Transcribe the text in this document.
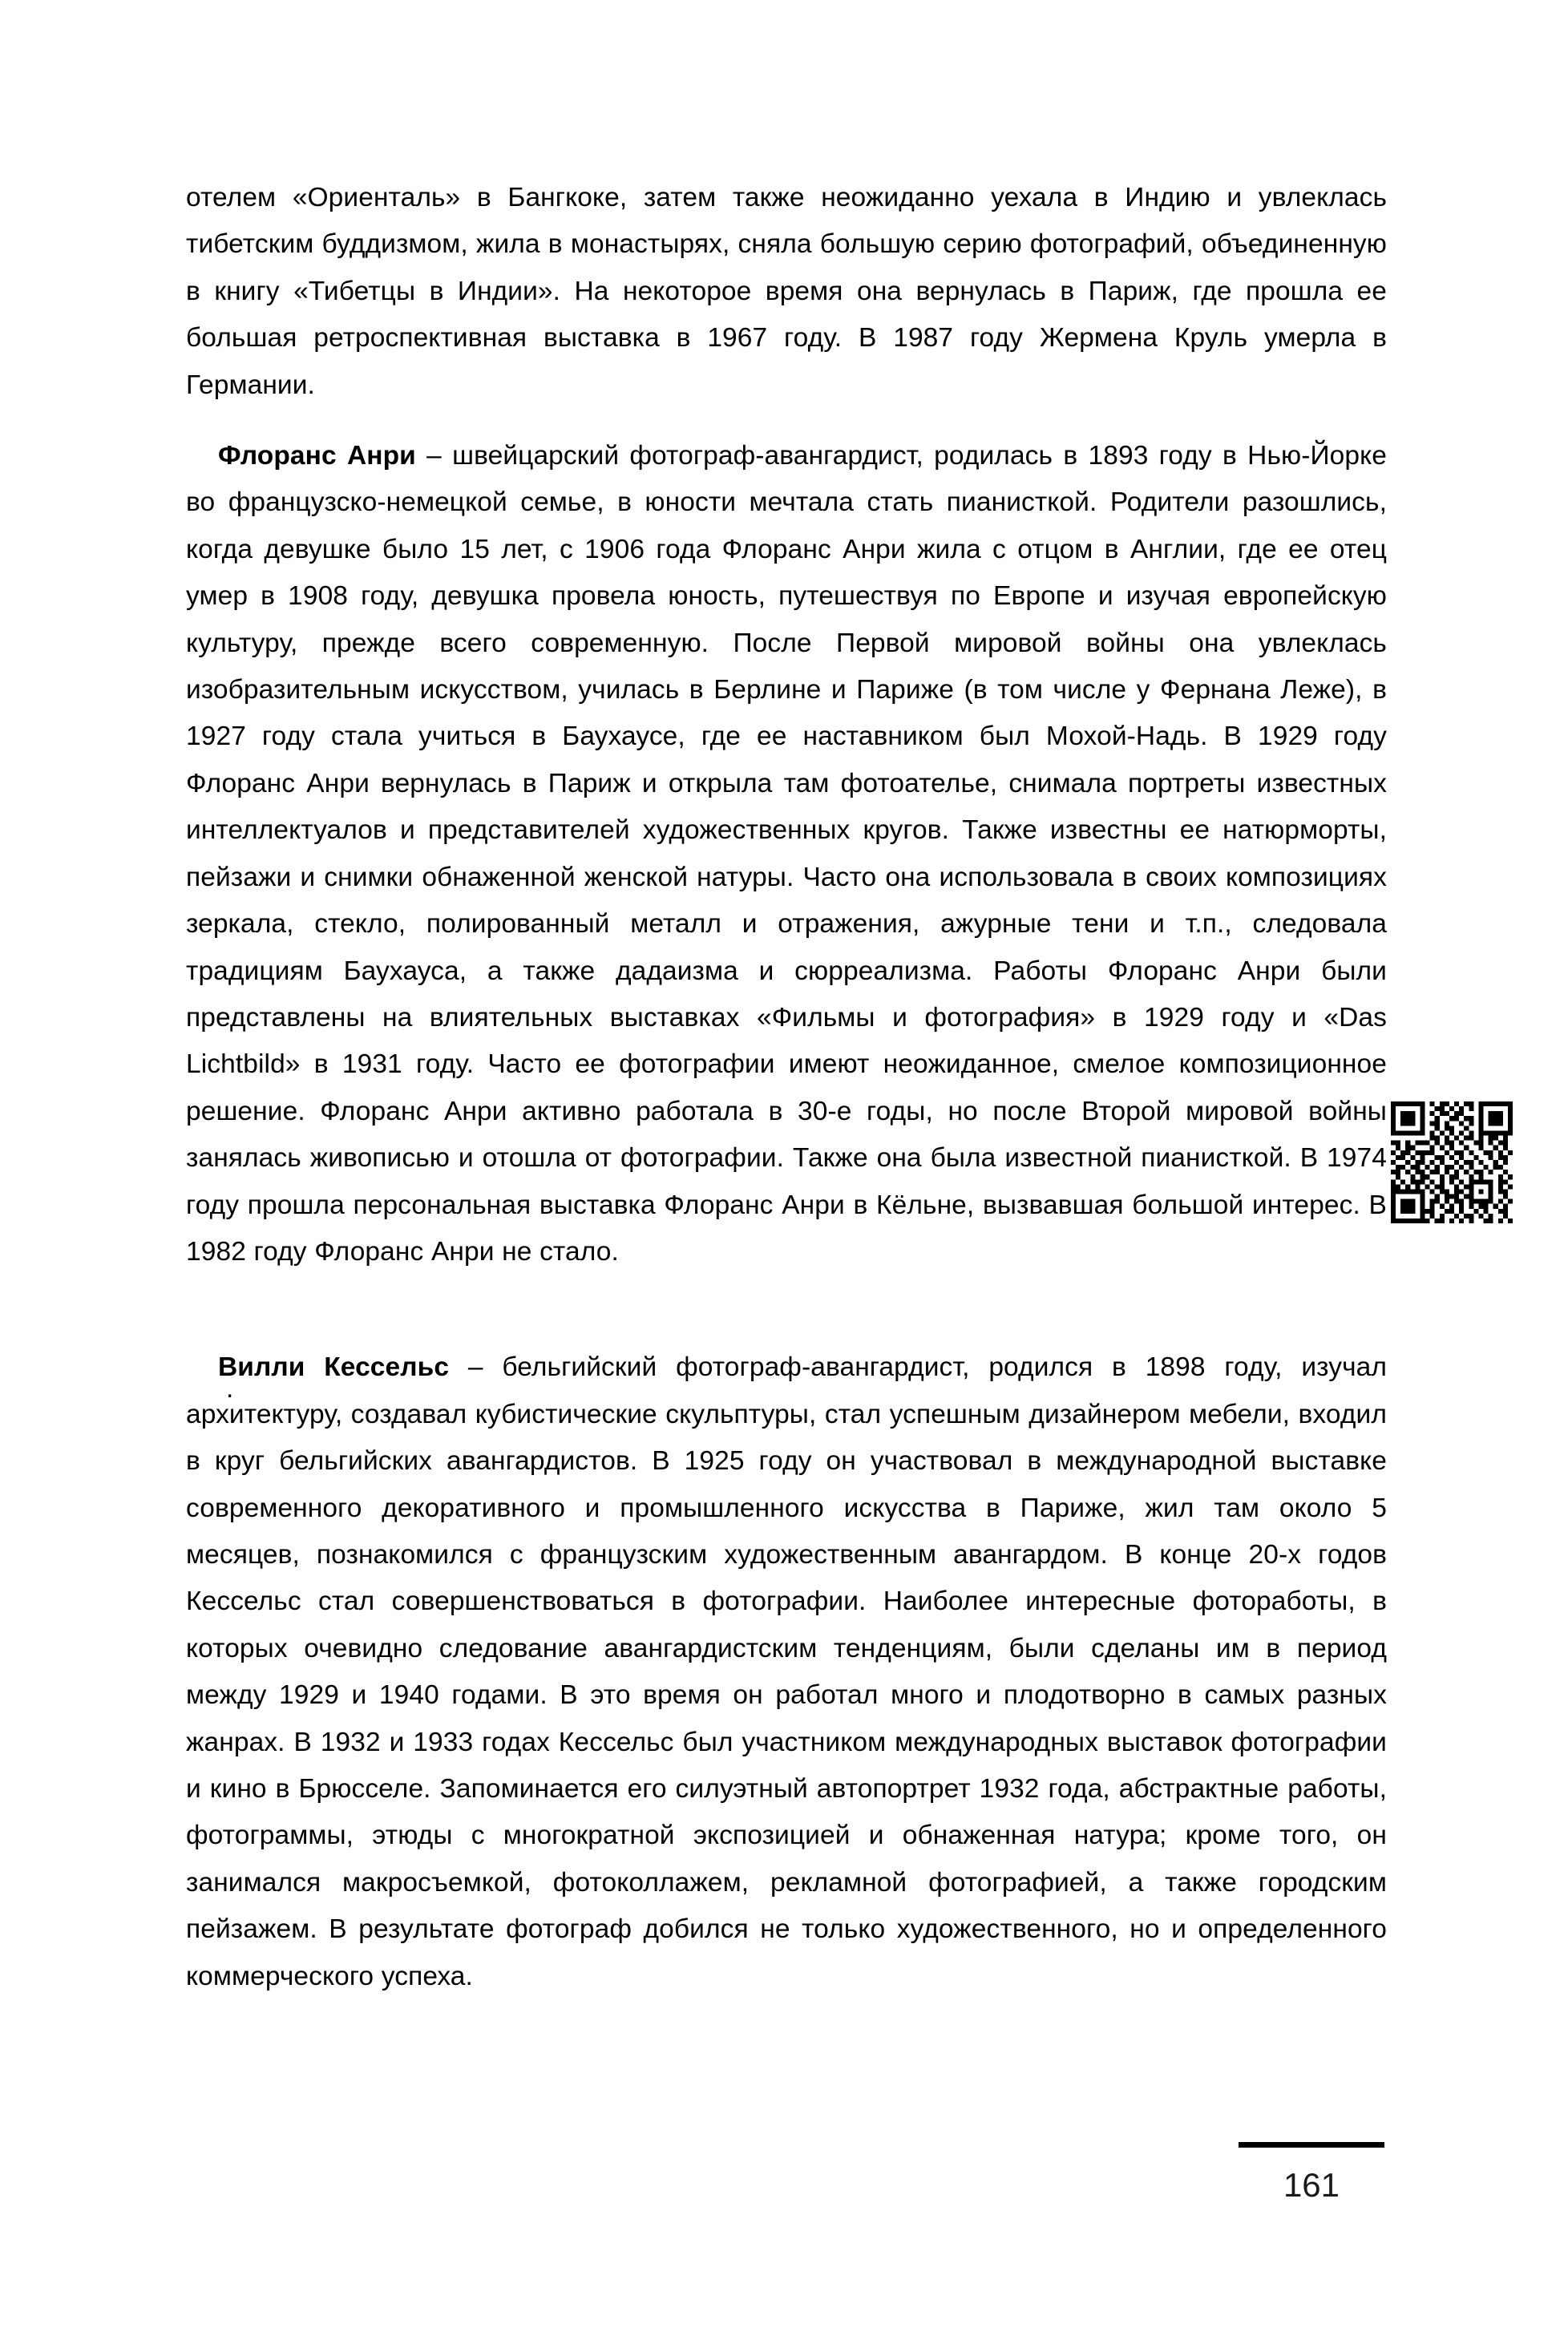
отелем «Ориенталь» в Бангкоке, затем также неожиданно уехала в Индию и увлеклась тибетским буддизмом, жила в монастырях, сняла большую серию фотографий, объединенную в книгу «Тибетцы в Индии». На некоторое время она вернулась в Париж, где прошла ее большая ретроспективная выставка в 1967 году. В 1987 году Жермена Круль умерла в Германии.

Флоранс Анри – швейцарский фотограф-авангардист, родилась в 1893 году в Нью-Йорке во французско-немецкой семье, в юности мечтала стать пианисткой. Родители разошлись, когда девушке было 15 лет, с 1906 года Флоранс Анри жила с отцом в Англии, где ее отец умер в 1908 году, девушка провела юность, путешествуя по Европе и изучая европейскую культуру, прежде всего современную. После Первой мировой войны она увлеклась изобразительным искусством, училась в Берлине и Париже (в том числе у Фернана Леже), в 1927 году стала учиться в Баухаусе, где ее наставником был Мохой-Надь. В 1929 году Флоранс Анри вернулась в Париж и открыла там фотоателье, снимала портреты известных интеллектуалов и представителей художественных кругов. Также известны ее натюрморты, пейзажи и снимки обнаженной женской натуры. Часто она использовала в своих композициях зеркала, стекло, полированный металл и отражения, ажурные тени и т.п., следовала традициям Баухауса, а также дадаизма и сюрреализма. Работы Флоранс Анри были представлены на влиятельных выставках «Фильмы и фотография» в 1929 году и «Das Lichtbild» в 1931 году. Часто ее фотографии имеют неожиданное, смелое композиционное решение. Флоранс Анри активно работала в 30-е годы, но после Второй мировой войны занялась живописью и отошла от фотографии. Также она была известной пианисткой. В 1974 году прошла персональная выставка Флоранс Анри в Кёльне, вызвавшая большой интерес. В 1982 году Флоранс Анри не стало.

Вилли Кессельс – бельгийский фотограф-авангардист, родился в 1898 году, изучал архитектуру, создавал кубистические скульптуры, стал успешным дизайнером мебели, входил в круг бельгийских авангардистов. В 1925 году он участвовал в международной выставке современного декоративного и промышленного искусства в Париже, жил там около 5 месяцев, познакомился с французским художественным авангардом. В конце 20-х годов Кессельс стал совершенствоваться в фотографии. Наиболее интересные фотоработы, в которых очевидно следование авангардистским тенденциям, были сделаны им в период между 1929 и 1940 годами. В это время он работал много и плодотворно в самых разных жанрах. В 1932 и 1933 годах Кессельс был участником международных выставок фотографии и кино в Брюсселе. Запоминается его силуэтный автопортрет 1932 года, абстрактные работы, фотограммы, этюды с многократной экспозицией и обнаженная натура; кроме того, он занимался макросъемкой, фотоколлажем, рекламной фотографией, а также городским пейзажем. В результате фотограф добился не только художественного, но и определенного коммерческого успеха.

.
161
